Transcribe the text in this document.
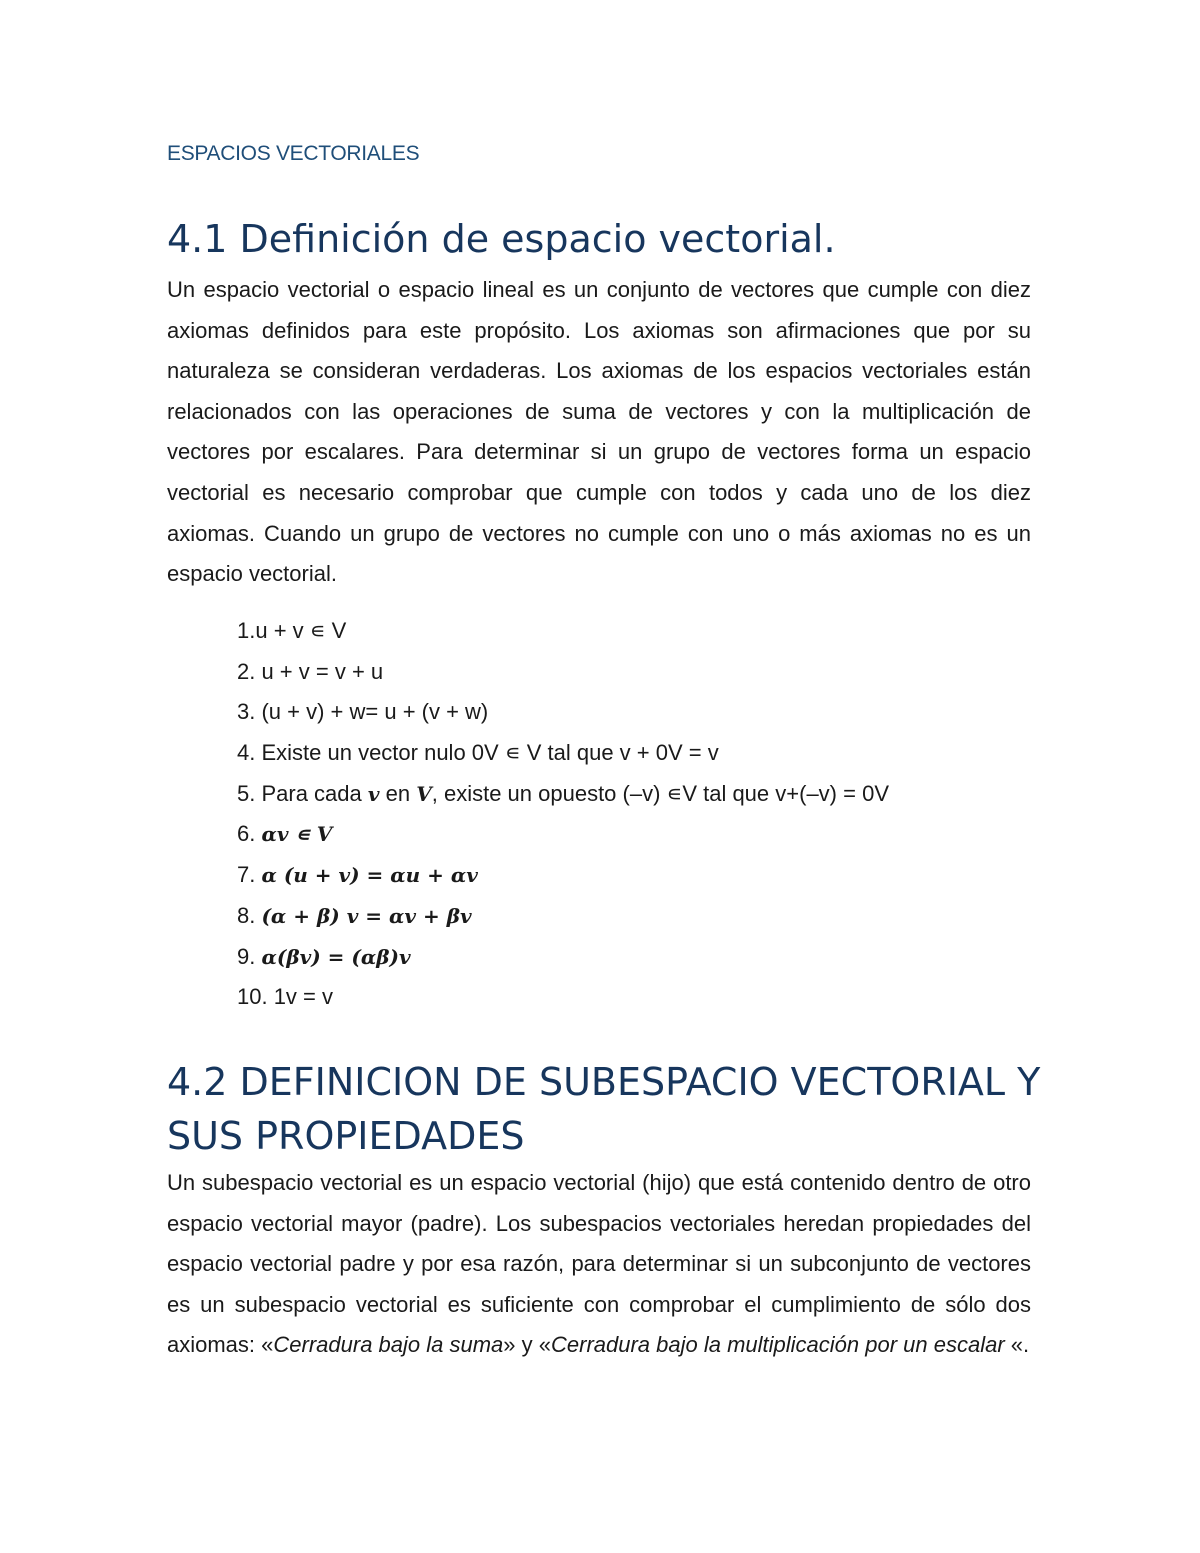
ESPACIOS VECTORIALES
4.1 Definición de espacio vectorial.

Un espacio vectorial o espacio lineal es un conjunto de vectores que cumple con diez axiomas definidos para este propósito. Los axiomas son afirmaciones que por su naturaleza se consideran verdaderas. Los axiomas de los espacios vectoriales están relacionados con las operaciones de suma de vectores y con la multiplicación de vectores por escalares. Para determinar si un grupo de vectores forma un espacio vectorial es necesario comprobar que cumple con todos y cada uno de los diez axiomas. Cuando un grupo de vectores no cumple con uno o más axiomas no es un espacio vectorial.

1.u + v ∊ V
2. u + v = v + u
3. (u + v) + w= u + (v + w)
4. Existe un vector nulo 0V ∊ V tal que v + 0V = v
5. Para cada v en V, existe un opuesto (–v) ∊V tal que v+(–v) = 0V
6. αv ∊ V
7. α (u + v) = αu + αv
8. (α + β) v = αv + βv
9. α(βv) = (αβ)v
10. 1v = v
4.2 DEFINICION DE SUBESPACIO VECTORIAL Y SUS PROPIEDADES

Un subespacio vectorial es un espacio vectorial (hijo) que está contenido dentro de otro espacio vectorial mayor (padre). Los subespacios vectoriales heredan propiedades del espacio vectorial padre y por esa razón, para determinar si un subconjunto de vectores es un subespacio vectorial es suficiente con comprobar el cumplimiento de sólo dos axiomas: «Cerradura bajo la suma» y «Cerradura bajo la multiplicación por un escalar «.
